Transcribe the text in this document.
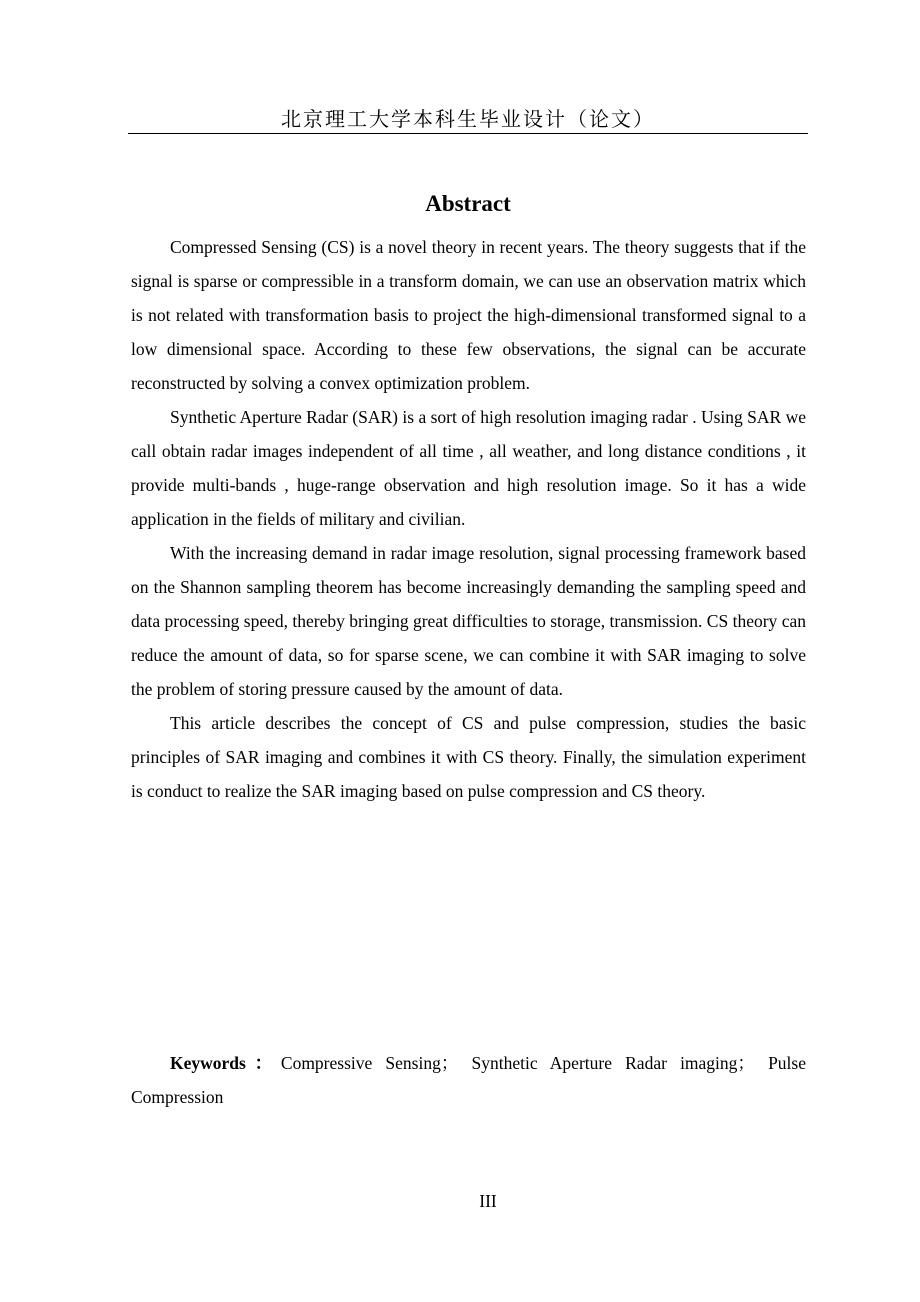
北京理工大学本科生毕业设计（论文）
Abstract

Compressed Sensing (CS) is a novel theory in recent years. The theory suggests that if the signal is sparse or compressible in a transform domain, we can use an observation matrix which is not related with transformation basis to project the high-dimensional transformed signal to a low dimensional space. According to these few observations, the signal can be accurate reconstructed by solving a convex optimization problem.

Synthetic Aperture Radar (SAR) is a sort of high resolution imaging radar . Using SAR we call obtain radar images independent of all time , all weather, and long distance conditions , it provide multi-bands , huge-range observation and high resolution image. So it has a wide application in the fields of military and civilian.

With the increasing demand in radar image resolution, signal processing framework based on the Shannon sampling theorem has become increasingly demanding the sampling speed and data processing speed, thereby bringing great difficulties to storage, transmission. CS theory can reduce the amount of data, so for sparse scene, we can combine it with SAR imaging to solve the problem of storing pressure caused by the amount of data.

This article describes the concept of CS and pulse compression, studies the basic principles of SAR imaging and combines it with CS theory. Finally, the simulation experiment is conduct to realize the SAR imaging based on pulse compression and CS theory.

Keywords：Compressive Sensing； Synthetic Aperture Radar imaging； Pulse Compression
III
